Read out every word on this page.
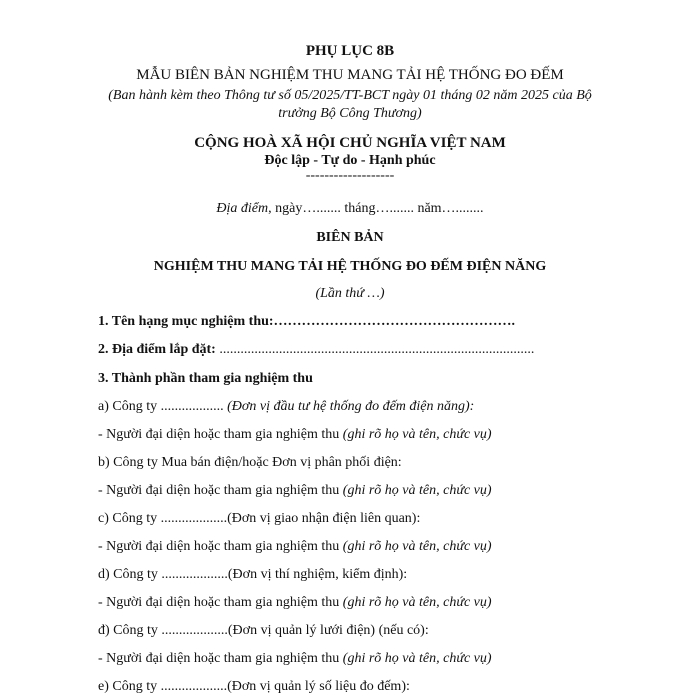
PHỤ LỤC 8B
MẪU BIÊN BẢN NGHIỆM THU MANG TẢI HỆ THỐNG ĐO ĐẾM
(Ban hành kèm theo Thông tư số 05/2025/TT-BCT ngày 01 tháng 02 năm 2025 của Bộ
trưởng Bộ Công Thương)
CỘNG HOÀ XÃ HỘI CHỦ NGHĨA VIỆT NAM
Độc lập - Tự do - Hạnh phúc
-------------------
Địa điểm, ngày…....... tháng…....... năm…........
BIÊN BẢN
NGHIỆM THU MANG TẢI HỆ THỐNG ĐO ĐẾM ĐIỆN NĂNG
(Lần thứ …)
1. Tên hạng mục nghiệm thu:…………………………………………….
2. Địa điểm lắp đặt: ..........................................................................................
3. Thành phần tham gia nghiệm thu
a) Công ty .................. (Đơn vị đầu tư hệ thống đo đếm điện năng):
- Người đại diện hoặc tham gia nghiệm thu (ghi rõ họ và tên, chức vụ)
b) Công ty Mua bán điện/hoặc Đơn vị phân phối điện:
- Người đại diện hoặc tham gia nghiệm thu (ghi rõ họ và tên, chức vụ)
c) Công ty ...................(Đơn vị giao nhận điện liên quan):
- Người đại diện hoặc tham gia nghiệm thu (ghi rõ họ và tên, chức vụ)
d) Công ty ...................(Đơn vị thí nghiệm, kiểm định):
- Người đại diện hoặc tham gia nghiệm thu (ghi rõ họ và tên, chức vụ)
đ) Công ty ...................(Đơn vị quản lý lưới điện) (nếu có):
- Người đại diện hoặc tham gia nghiệm thu (ghi rõ họ và tên, chức vụ)
e) Công ty ...................(Đơn vị quản lý số liệu đo đếm):
